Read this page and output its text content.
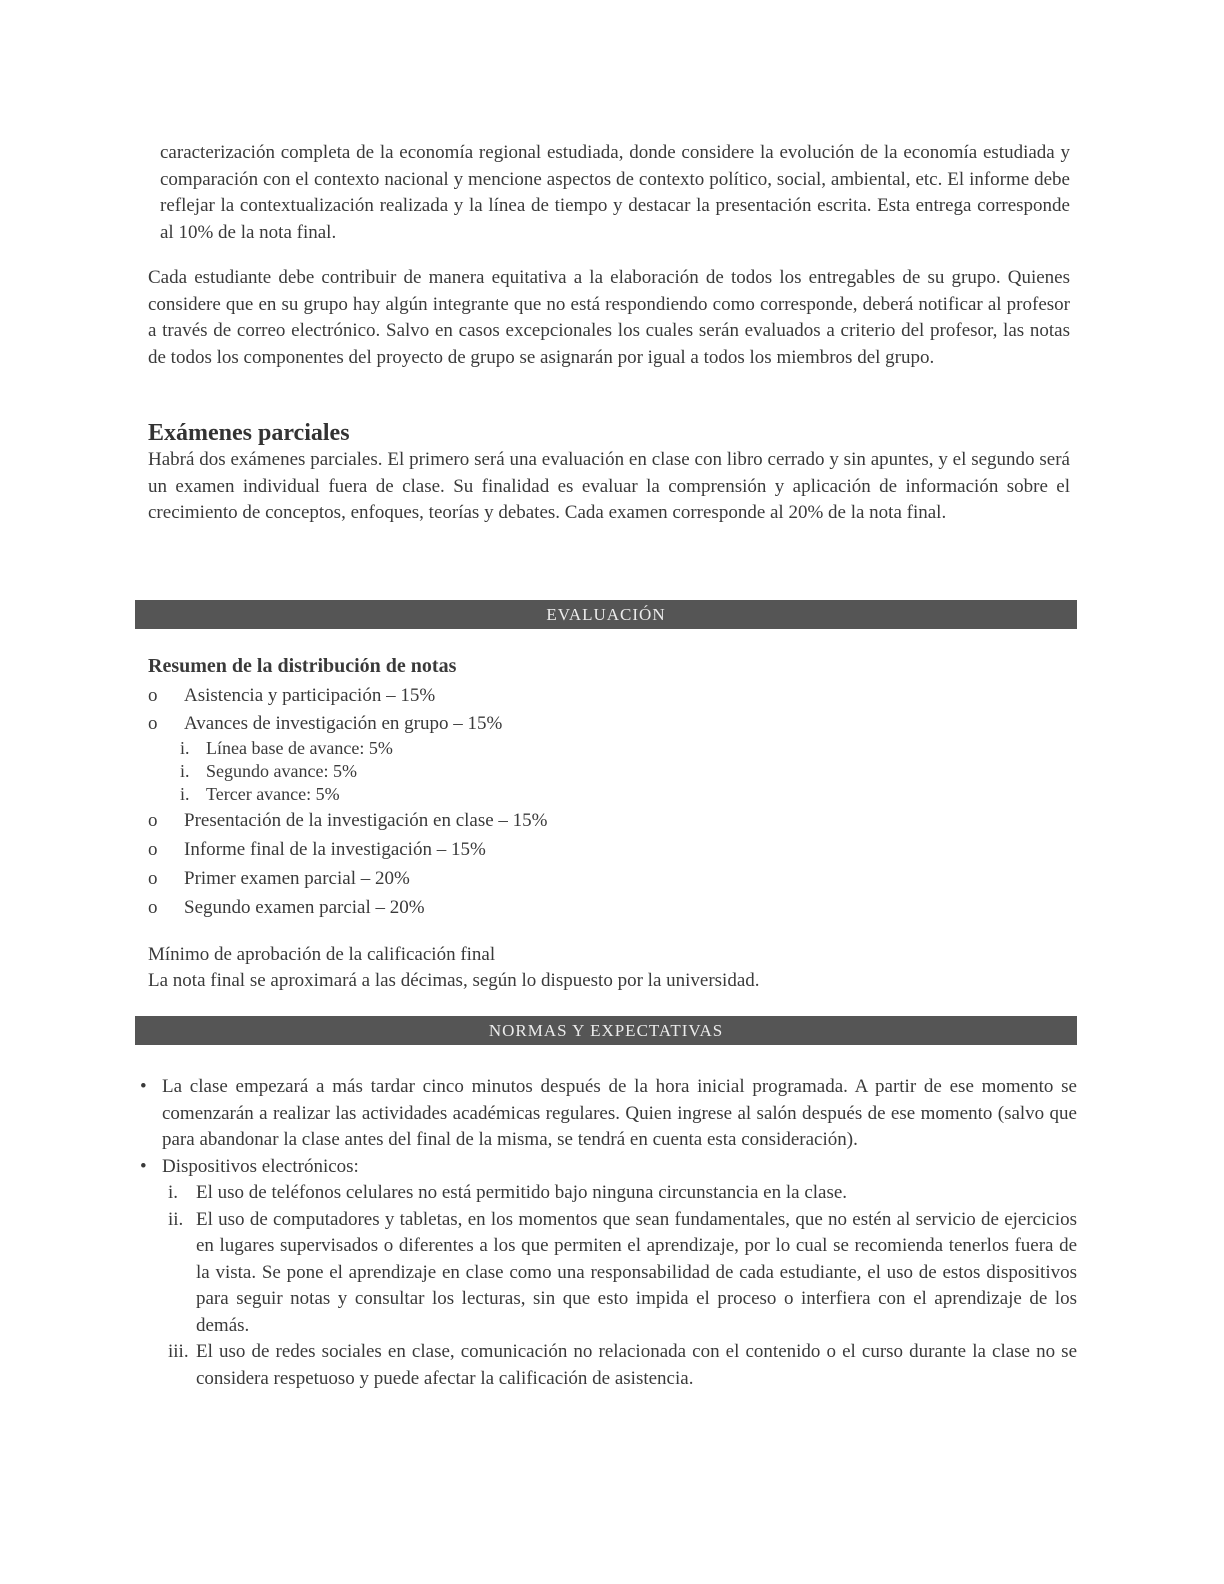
caracterización completa de la economía regional estudiada, donde considere la evolución de la economía estudiada y comparación con el contexto nacional y mencione aspectos de contexto político, social, ambiental, etc. El informe debe reflejar la contextualización realizada y la línea de tiempo y destacar la presentación escrita. Esta entrega corresponde al 10% de la nota final.

Cada estudiante debe contribuir de manera equitativa a la elaboración de todos los entregables de su grupo. Quienes considere que en su grupo hay algún integrante que no está respondiendo como corresponde, deberá notificar al profesor a través de correo electrónico. Salvo en casos excepcionales los cuales serán evaluados a criterio del profesor, las notas de todos los componentes del proyecto de grupo se asignarán por igual a todos los miembros del grupo.

Exámenes parciales

Habrá dos exámenes parciales. El primero será una evaluación en clase con libro cerrado y sin apuntes, y el segundo será un examen individual fuera de clase. Su finalidad es evaluar la comprensión y aplicación de información sobre el crecimiento de conceptos, enfoques, teorías y debates. Cada examen corresponde al 20% de la nota final.

EVALUACIÓN
Resumen de la distribución de notas
o Asistencia y participación – 15%
o Avances de investigación en grupo – 15%
i. Línea base de avance: 5%
i. Segundo avance: 5%
i. Tercer avance: 5%
o Presentación de la investigación en clase – 15%
o Informe final de la investigación – 15%
o Primer examen parcial – 20%
o Segundo examen parcial – 20%

Mínimo de aprobación de la calificación final

La nota final se aproximará a las décimas, según lo dispuesto por la universidad.

NORMAS Y EXPECTATIVAS
• La clase empezará a más tardar cinco minutos después de la hora inicial programada. A partir de ese momento se comenzarán a realizar las actividades académicas regulares. Quien ingrese al salón después de ese momento (salvo que para abandonar la clase antes del final de la misma, se tendrá en cuenta esta consideración).
• Dispositivos electrónicos:
i. El uso de teléfonos celulares no está permitido bajo ninguna circunstancia en la clase.
ii. El uso de computadores y tabletas, en los momentos que sean fundamentales, que no estén al servicio de ejercicios en lugares supervisados o diferentes a los que permiten el aprendizaje, por lo cual se recomienda tenerlos fuera de la vista. Se pone el aprendizaje en clase como una responsabilidad de cada estudiante, el uso de estos dispositivos para seguir notas y consultar los lecturas, sin que esto impida el proceso o interfiera con el aprendizaje de los demás.
iii. El uso de redes sociales en clase, comunicación no relacionada con el contenido o el curso durante la clase no se considera respetuoso y puede afectar la calificación de asistencia.
